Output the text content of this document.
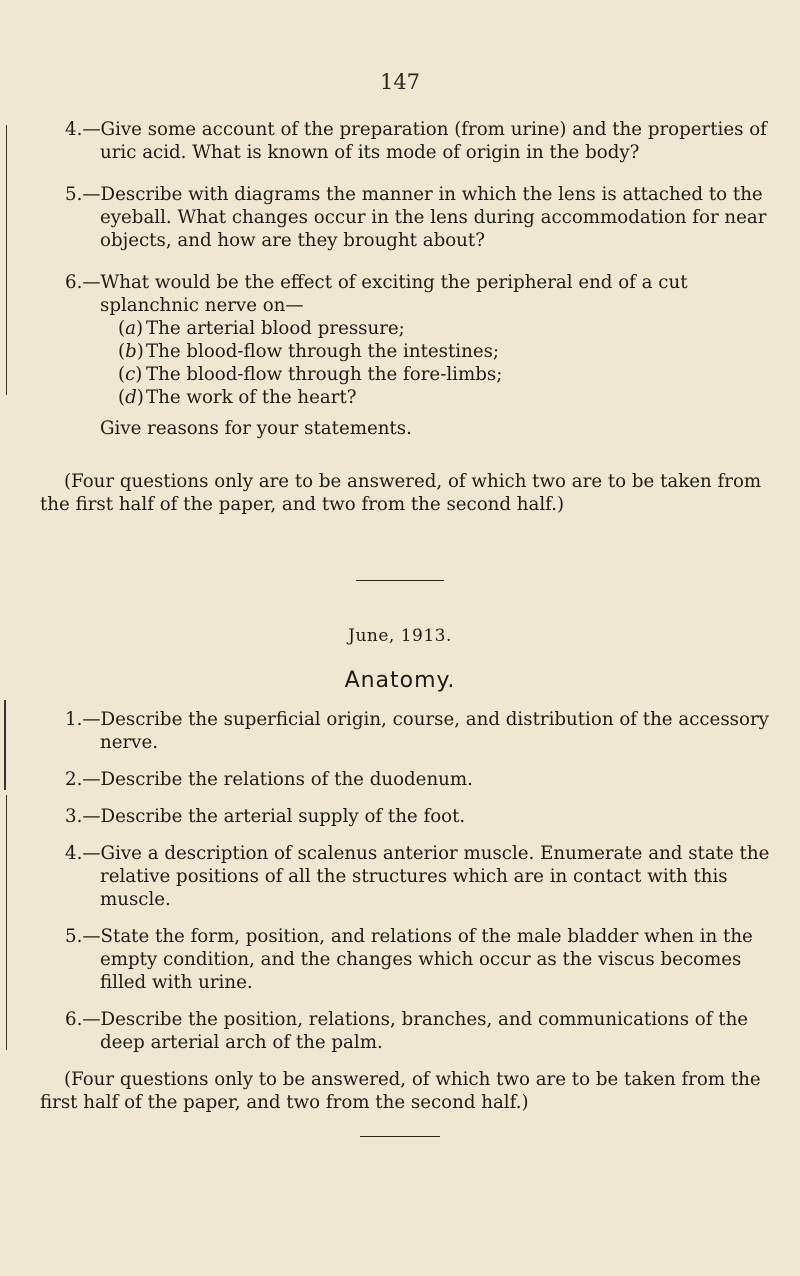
147
4.—Give some account of the preparation (from urine) and the properties of uric acid. What is known of its mode of origin in the body?
5.—Describe with diagrams the manner in which the lens is attached to the eyeball. What changes occur in the lens during accommodation for near objects, and how are they brought about?
6.—What would be the effect of exciting the peripheral end of a cut splanchnic nerve on—
(a) The arterial blood pressure;
(b) The blood-flow through the intestines;
(c) The blood-flow through the fore-limbs;
(d) The work of the heart?
Give reasons for your statements.

(Four questions only are to be answered, of which two are to be taken from the first half of the paper, and two from the second half.)

June, 1913.
Anatomy.
1.—Describe the superficial origin, course, and distribution of the accessory nerve.
2.—Describe the relations of the duodenum.
3.—Describe the arterial supply of the foot.
4.—Give a description of scalenus anterior muscle. Enumerate and state the relative positions of all the structures which are in contact with this muscle.
5.—State the form, position, and relations of the male bladder when in the empty condition, and the changes which occur as the viscus becomes filled with urine.
6.—Describe the position, relations, branches, and communications of the deep arterial arch of the palm.

(Four questions only to be answered, of which two are to be taken from the first half of the paper, and two from the second half.)
